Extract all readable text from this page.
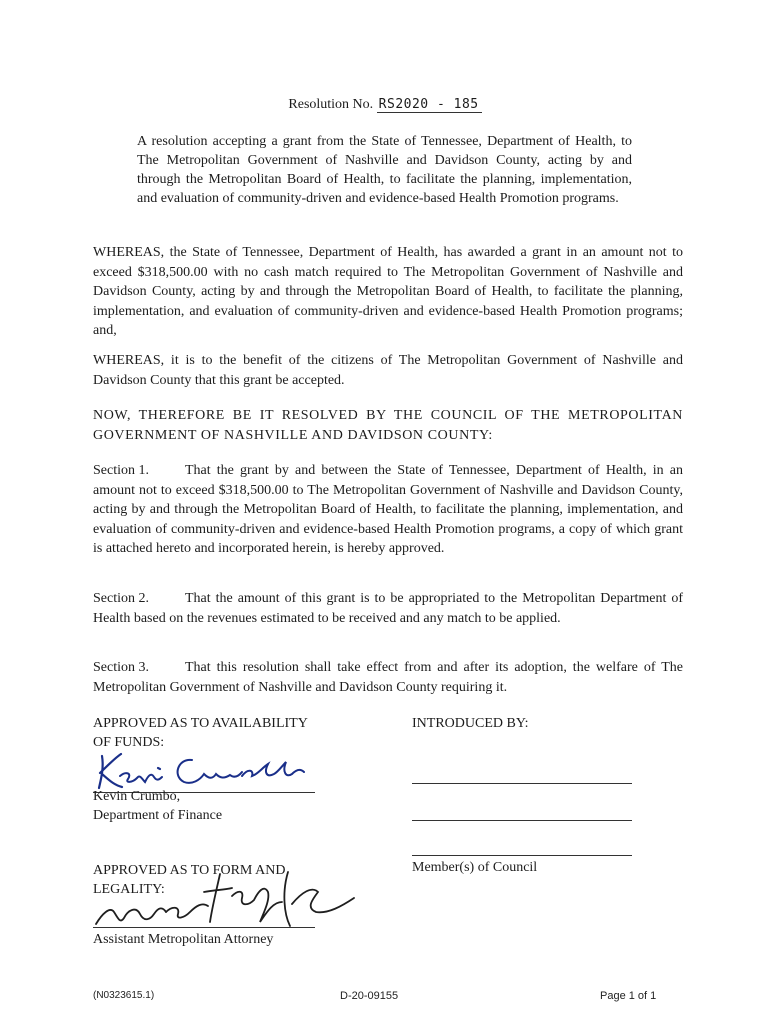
Resolution No. RS2020 - 185
A resolution accepting a grant from the State of Tennessee, Department of Health, to The Metropolitan Government of Nashville and Davidson County, acting by and through the Metropolitan Board of Health, to facilitate the planning, implementation, and evaluation of community-driven and evidence-based Health Promotion programs.
WHEREAS, the State of Tennessee, Department of Health, has awarded a grant in an amount not to exceed $318,500.00 with no cash match required to The Metropolitan Government of Nashville and Davidson County, acting by and through the Metropolitan Board of Health, to facilitate the planning, implementation, and evaluation of community-driven and evidence-based Health Promotion programs; and,
WHEREAS, it is to the benefit of the citizens of The Metropolitan Government of Nashville and Davidson County that this grant be accepted.
NOW, THEREFORE BE IT RESOLVED BY THE COUNCIL OF THE METROPOLITAN GOVERNMENT OF NASHVILLE AND DAVIDSON COUNTY:
Section 1.	That the grant by and between the State of Tennessee, Department of Health, in an amount not to exceed $318,500.00 to The Metropolitan Government of Nashville and Davidson County, acting by and through the Metropolitan Board of Health, to facilitate the planning, implementation, and evaluation of community-driven and evidence-based Health Promotion programs, a copy of which grant is attached hereto and incorporated herein, is hereby approved.
Section 2.	That the amount of this grant is to be appropriated to the Metropolitan Department of Health based on the revenues estimated to be received and any match to be applied.
Section 3.	That this resolution shall take effect from and after its adoption, the welfare of The Metropolitan Government of Nashville and Davidson County requiring it.
APPROVED AS TO AVAILABILITY
OF FUNDS:
Kevin Crumbo,
Department of Finance
APPROVED AS TO FORM AND
LEGALITY:
Assistant Metropolitan Attorney
INTRODUCED BY:
Member(s) of Council
(N0323615.1)	D-20-09155	Page 1 of 1
